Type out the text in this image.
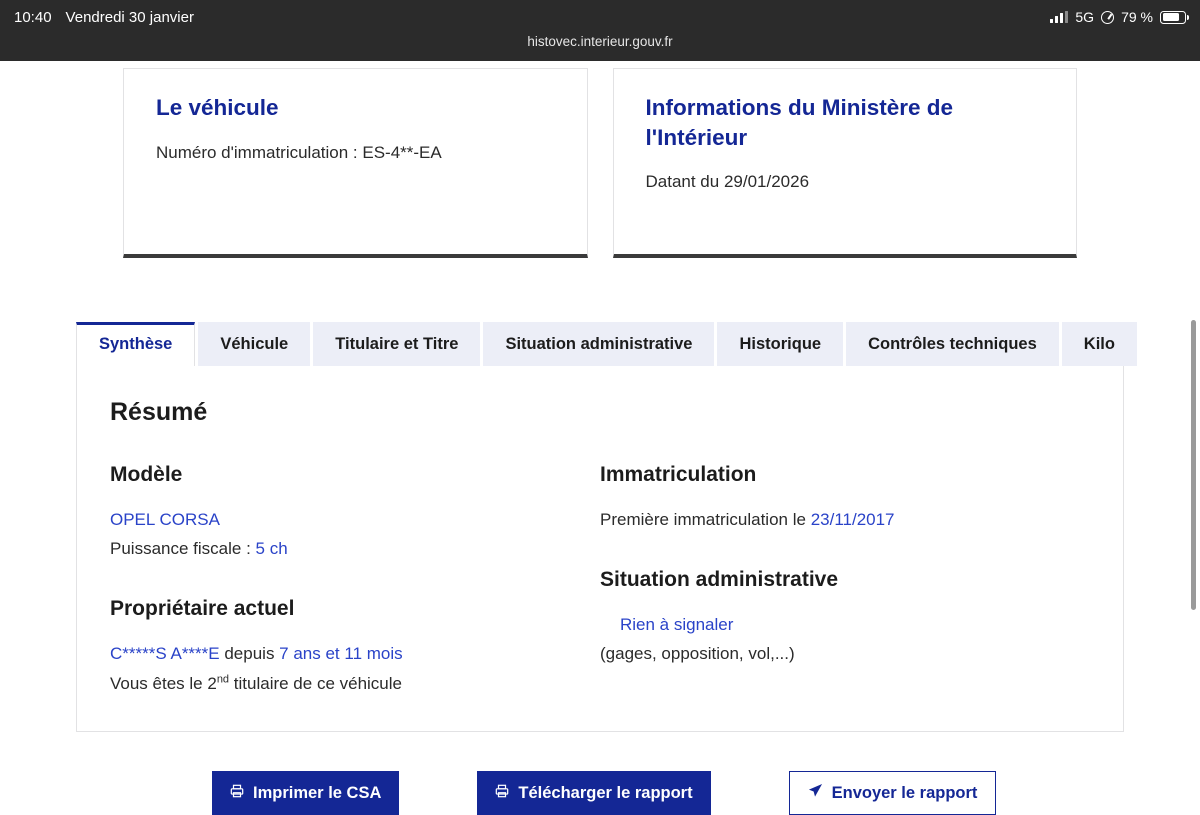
10:40 Vendredi 30 janvier	5G 79 %
histovec.interieur.gouv.fr
Le véhicule

Numéro d'immatriculation : ES-4**-EA

Informations du Ministère de l'Intérieur

Datant du 29/01/2026

Synthèse	Véhicule	Titulaire et Titre	Situation administrative	Historique	Contrôles techniques	Kilo
Résumé
Modèle
OPEL CORSA
Puissance fiscale : 5 ch
Propriétaire actuel
C*****S A****E depuis 7 ans et 11 mois
Vous êtes le 2nd titulaire de ce véhicule
Immatriculation
Première immatriculation le 23/11/2017
Situation administrative
Rien à signaler
(gages, opposition, vol,...)
Imprimer le CSA	Télécharger le rapport	Envoyer le rapport
